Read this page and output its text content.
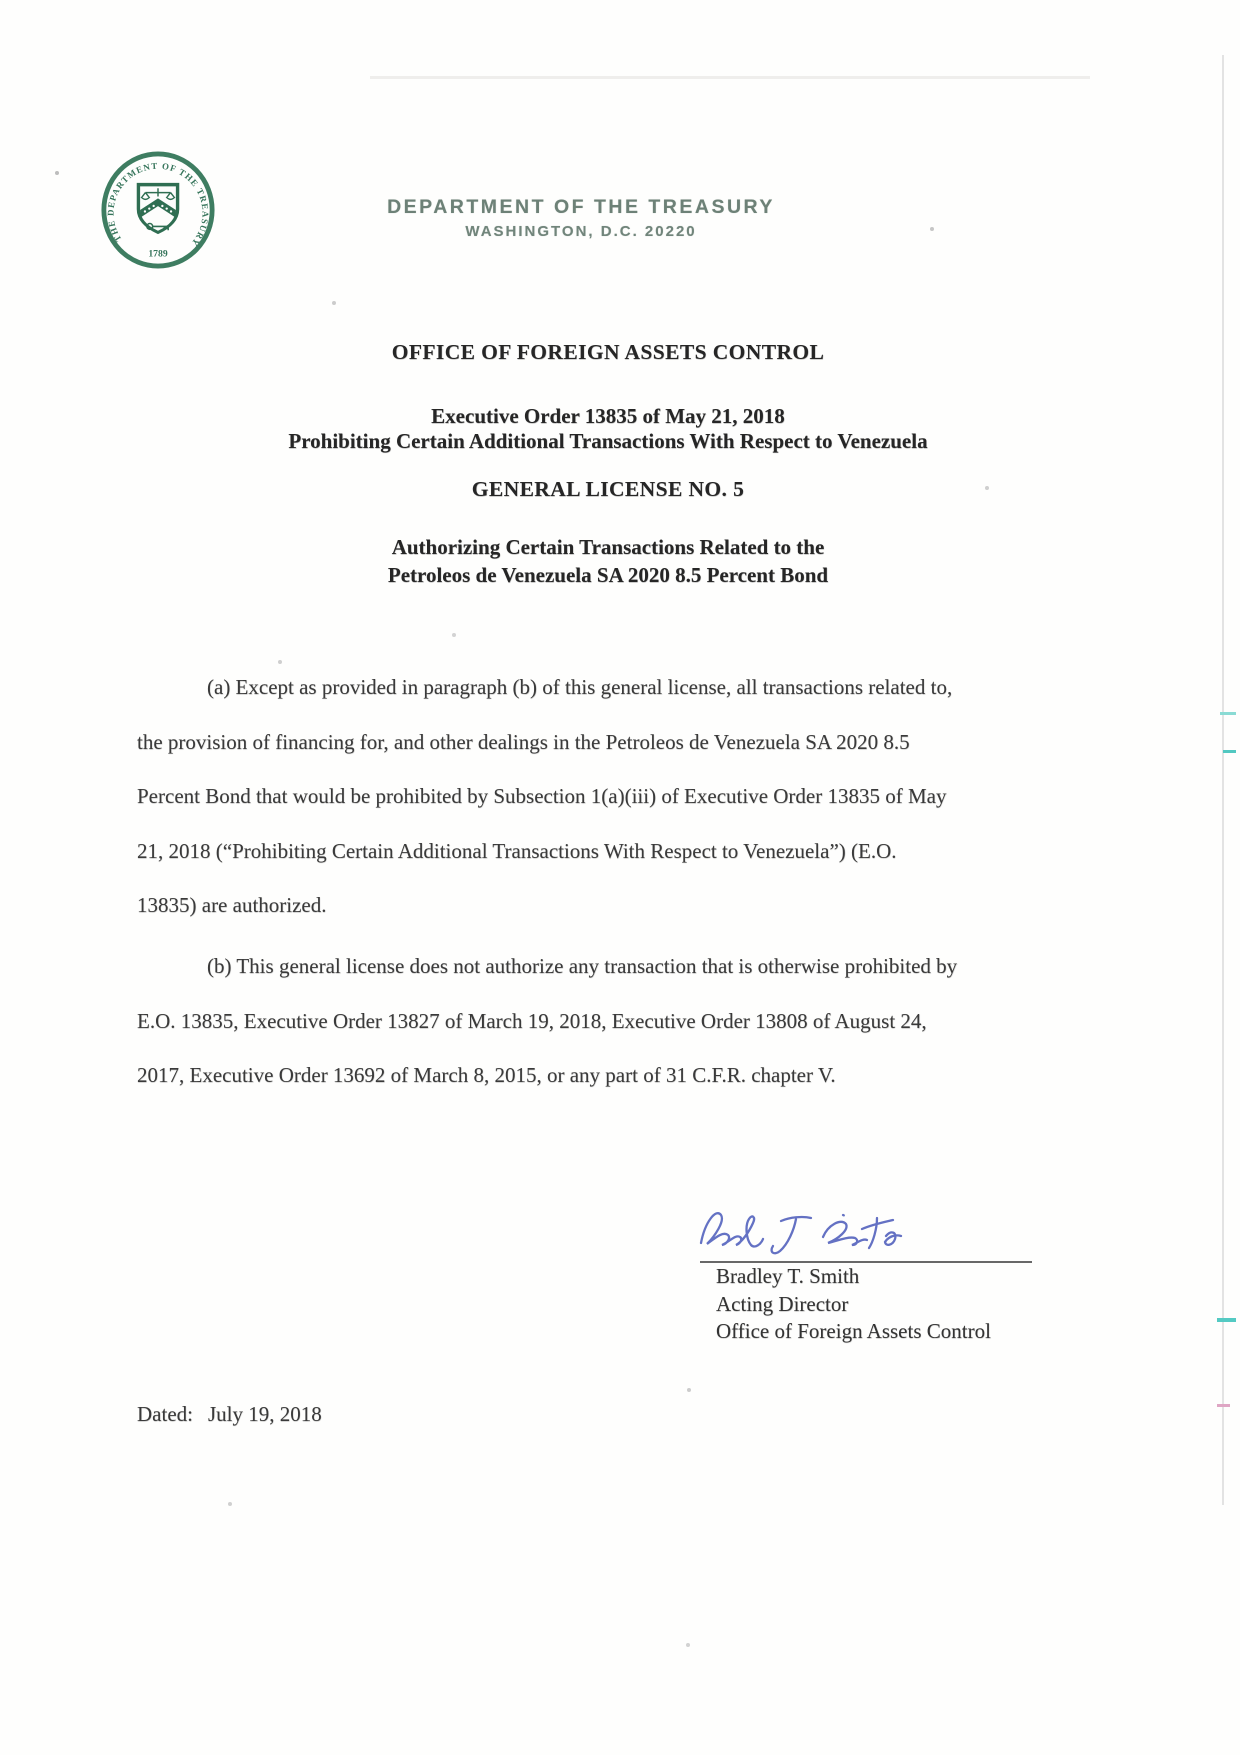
THE DEPARTMENT OF THE TREASURY
1789
DEPARTMENT OF THE TREASURY
WASHINGTON, D.C. 20220
OFFICE OF FOREIGN ASSETS CONTROL
Executive Order 13835 of May 21, 2018
Prohibiting Certain Additional Transactions With Respect to Venezuela
GENERAL LICENSE NO. 5
Authorizing Certain Transactions Related to the
Petroleos de Venezuela SA 2020 8.5 Percent Bond
(a) Except as provided in paragraph (b) of this general license, all transactions related to,
the provision of financing for, and other dealings in the Petroleos de Venezuela SA 2020 8.5
Percent Bond that would be prohibited by Subsection 1(a)(iii) of Executive Order 13835 of May
21, 2018 (“Prohibiting Certain Additional Transactions With Respect to Venezuela”) (E.O.
13835) are authorized.
(b) This general license does not authorize any transaction that is otherwise prohibited by
E.O. 13835, Executive Order 13827 of March 19, 2018, Executive Order 13808 of August 24,
2017, Executive Order 13692 of March 8, 2015, or any part of 31 C.F.R. chapter V.
Bradley T. Smith
Acting Director
Office of Foreign Assets Control
Dated: July 19, 2018
